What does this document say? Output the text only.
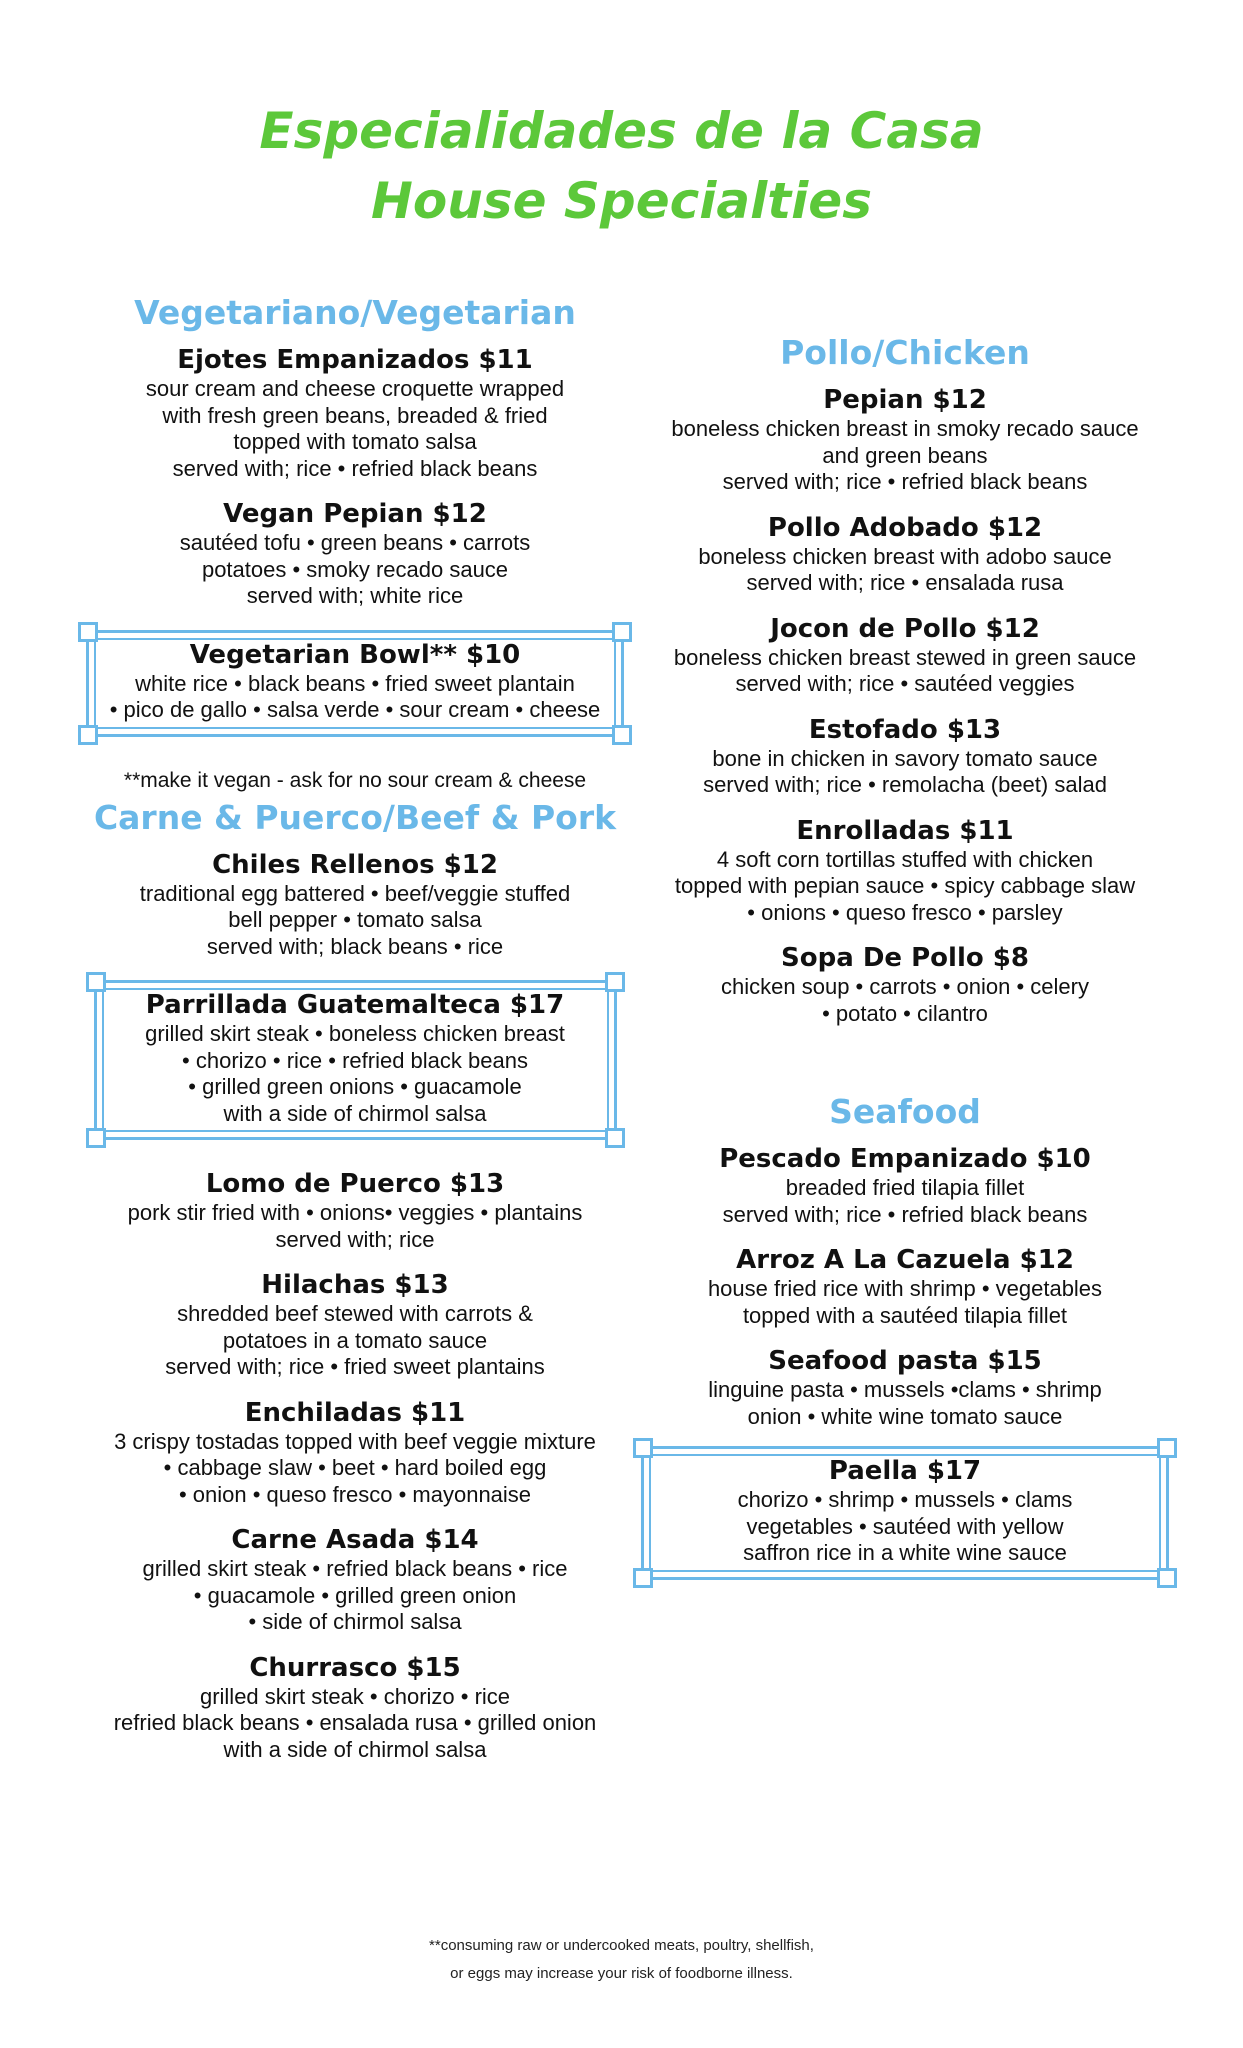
Especialidades de la Casa
House Specialties
Vegetariano/Vegetarian
Ejotes Empanizados $11
sour cream and cheese croquette wrapped
with fresh green beans, breaded & fried
topped with tomato salsa
served with; rice • refried black beans
Vegan Pepian $12
sautéed tofu • green beans • carrots
potatoes • smoky recado sauce
served with; white rice
Vegetarian Bowl** $10
white rice • black beans • fried sweet plantain
• pico de gallo • salsa verde • sour cream • cheese
**make it vegan - ask for no sour cream & cheese
Carne & Puerco/Beef & Pork
Chiles Rellenos $12
traditional egg battered • beef/veggie stuffed
bell pepper • tomato salsa
served with; black beans • rice
Parrillada Guatemalteca $17
grilled skirt steak • boneless chicken breast
• chorizo • rice • refried black beans
• grilled green onions • guacamole
with a side of chirmol salsa
Lomo de Puerco $13
pork stir fried with • onions• veggies • plantains
served with; rice
Hilachas $13
shredded beef stewed with carrots &
potatoes in a tomato sauce
served with; rice • fried sweet plantains
Enchiladas $11
3 crispy tostadas topped with beef veggie mixture
• cabbage slaw • beet • hard boiled egg
• onion • queso fresco • mayonnaise
Carne Asada $14
grilled skirt steak • refried black beans • rice
• guacamole • grilled green onion
• side of chirmol salsa
Churrasco $15
grilled skirt steak • chorizo • rice
refried black beans • ensalada rusa • grilled onion
with a side of chirmol salsa
Pollo/Chicken
Pepian $12
boneless chicken breast in smoky recado sauce
and green beans
served with; rice • refried black beans
Pollo Adobado $12
boneless chicken breast with adobo sauce
served with; rice • ensalada rusa
Jocon de Pollo $12
boneless chicken breast stewed in green sauce
served with; rice • sautéed veggies
Estofado $13
bone in chicken in savory tomato sauce
served with; rice • remolacha (beet) salad
Enrolladas $11
4 soft corn tortillas stuffed with chicken
topped with pepian sauce • spicy cabbage slaw
• onions • queso fresco • parsley
Sopa De Pollo $8
chicken soup • carrots • onion • celery
• potato • cilantro
Seafood
Pescado Empanizado $10
breaded fried tilapia fillet
served with; rice • refried black beans
Arroz A La Cazuela $12
house fried rice with shrimp • vegetables
topped with a sautéed tilapia fillet
Seafood pasta $15
linguine pasta • mussels •clams • shrimp
onion • white wine tomato sauce
Paella $17
chorizo • shrimp • mussels • clams
vegetables • sautéed with yellow
saffron rice in a white wine sauce
**consuming raw or undercooked meats, poultry, shellfish,
or eggs may increase your risk of foodborne illness.
